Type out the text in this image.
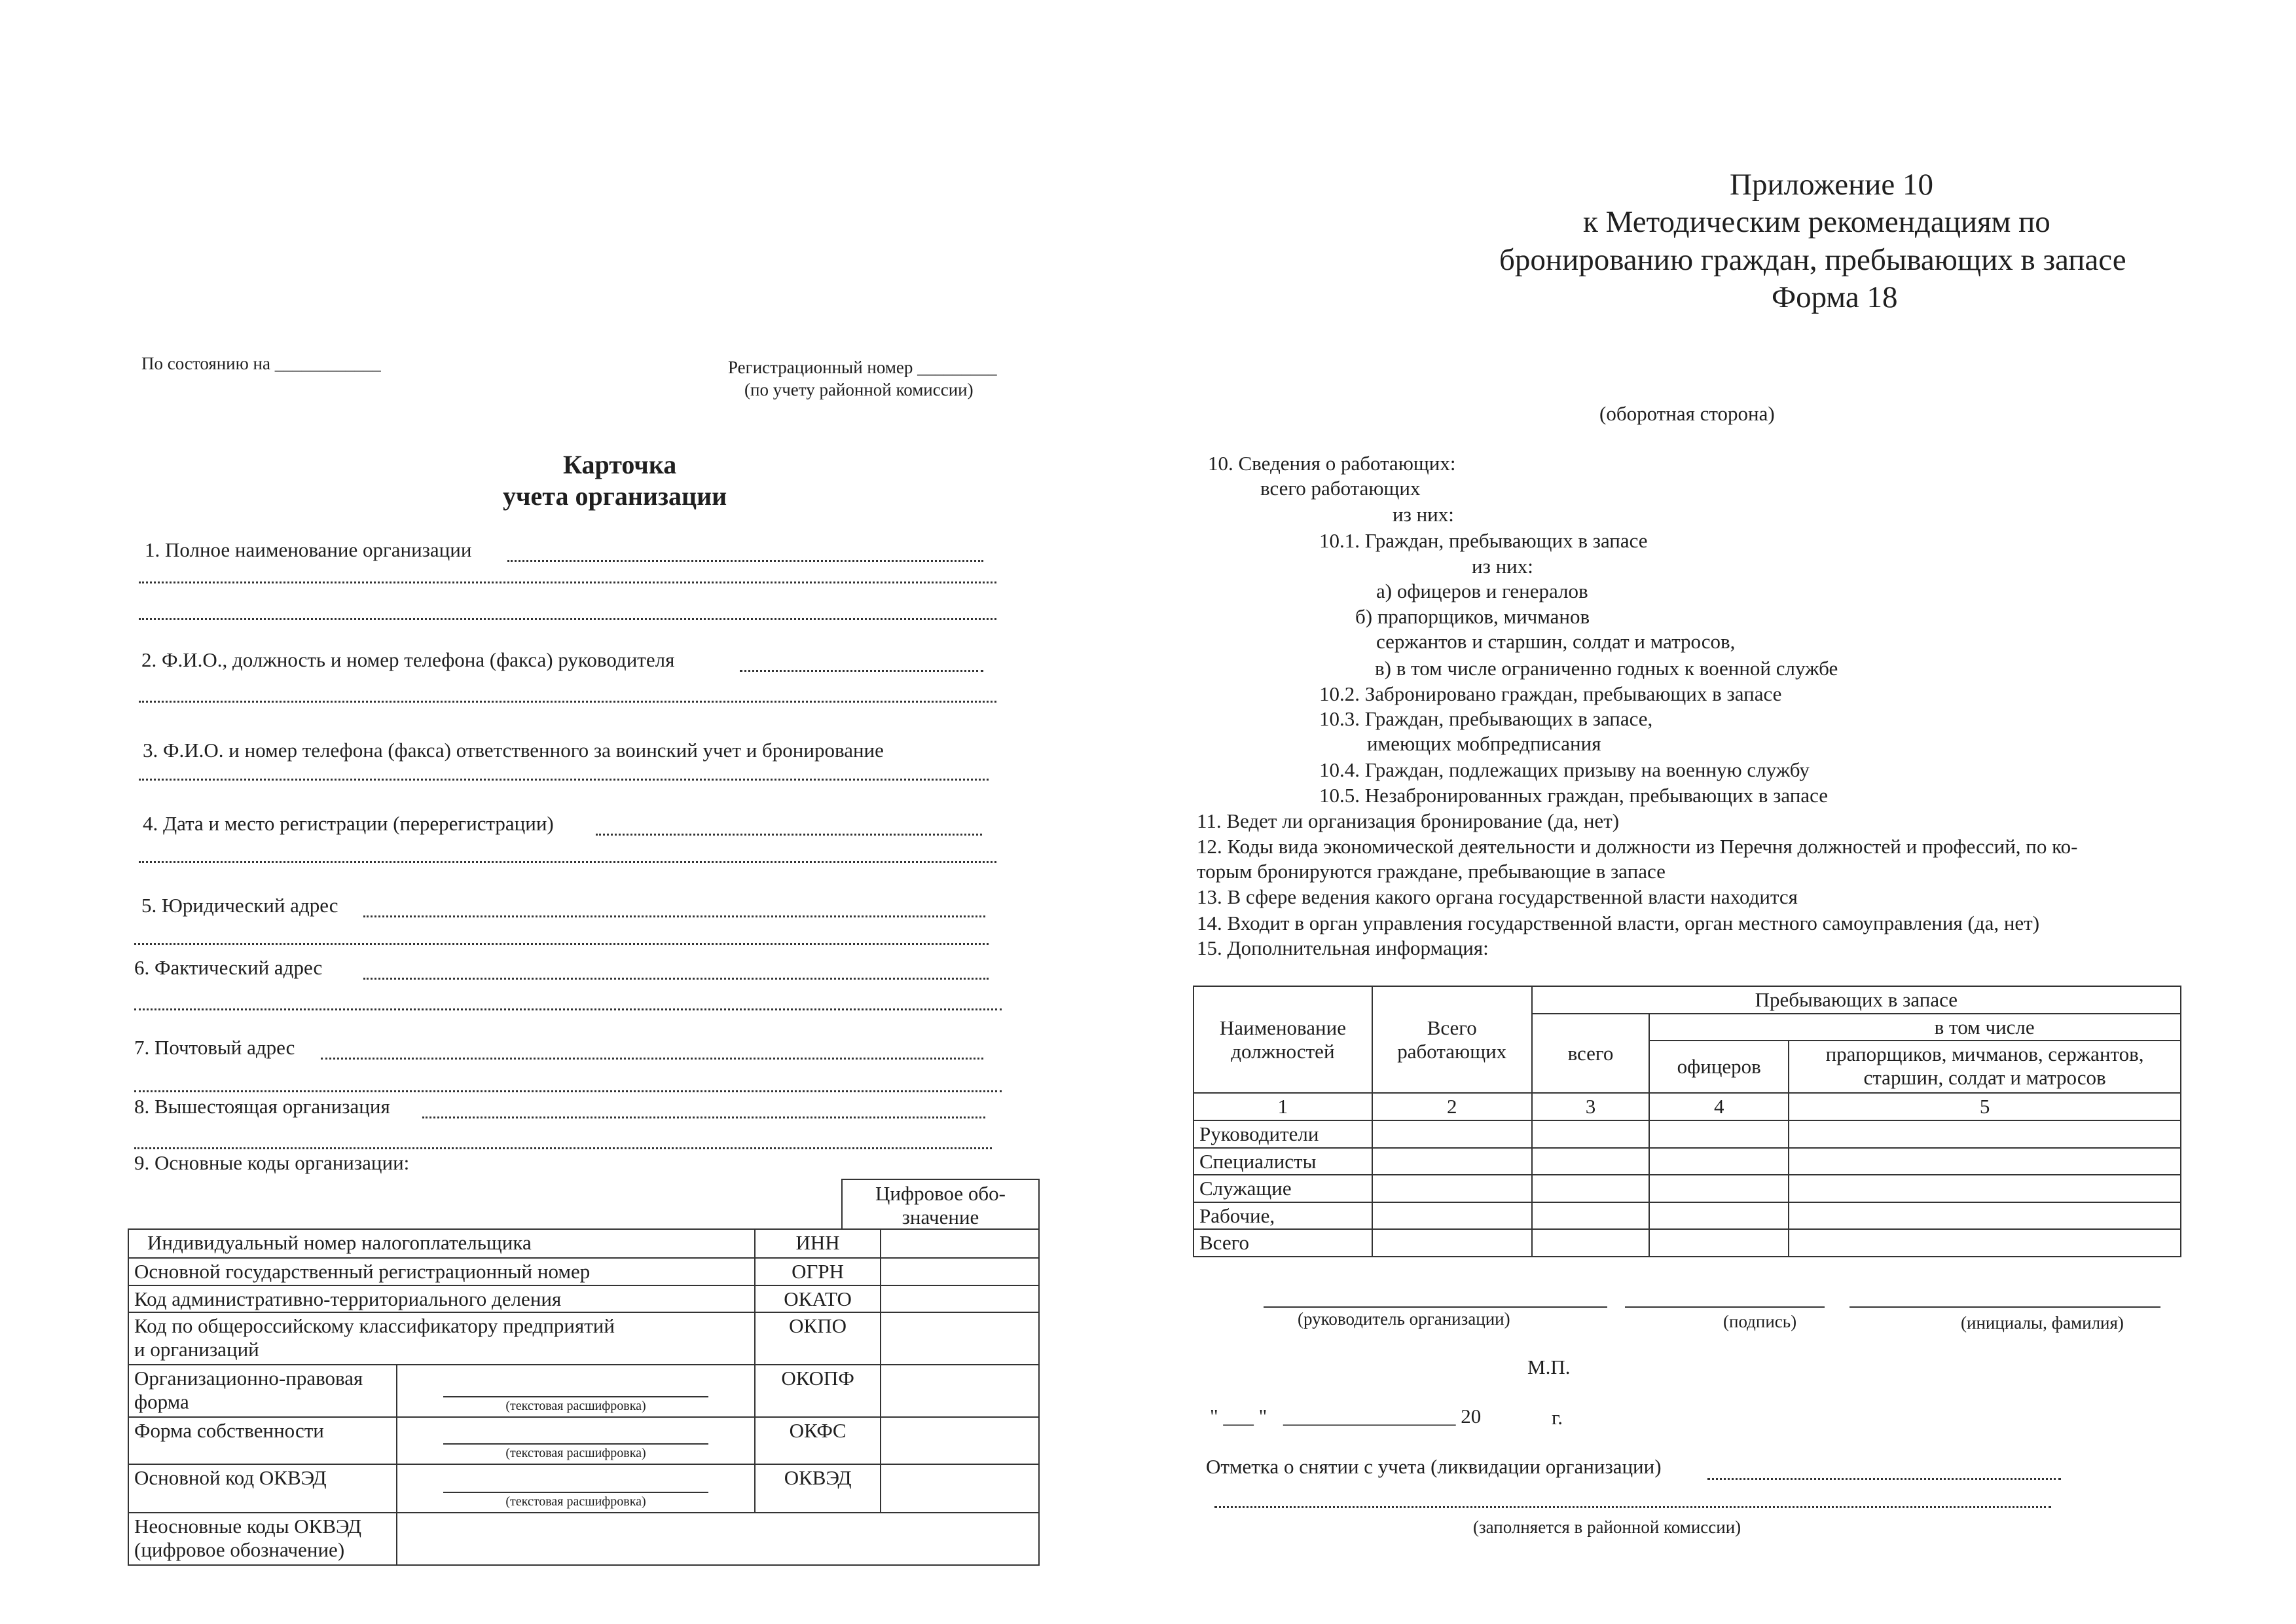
По состоянию на ____________	Регистрационный номер _________
(по учету районной комиссии)
Карточка
учета организации
1. Полное наименование организации
2. Ф.И.О., должность и номер телефона (факса) руководителя
3. Ф.И.О. и номер телефона (факса) ответственного за воинский учет и бронирование
4. Дата и место регистрации (перерегистрации)
5. Юридический адрес
6. Фактический адрес
7. Почтовый адрес
8. Вышестоящая организация
9. Основные коды организации:
Цифровое обо-значение
Индивидуальный номер налогоплательщика		ИНН	
Основной государственный регистрационный номер		ОГРН	
Код административно-территориального деления		ОКАТО	
Код по общероссийскому классификатору предприятий и организаций		ОКПО	
Организационно-правовая форма	(текстовая расшифровка)	ОКОПФ	
Форма собственности	(текстовая расшифровка)	ОКФС	
Основной код ОКВЭД	(текстовая расшифровка)	ОКВЭД	
Неосновные коды ОКВЭД (цифровое обозначение)			
Приложение 10
к Методическим рекомендациям по
бронированию граждан, пребывающих в запасе
Форма 18
(оборотная сторона)
10. Сведения о работающих:
всего работающих
из них:
10.1. Граждан, пребывающих в запасе
из них:
а) офицеров и генералов
б) прапорщиков, мичманов
сержантов и старшин, солдат и матросов,
в) в том числе ограниченно годных к военной службе
10.2. Забронировано граждан, пребывающих в запасе
10.3. Граждан, пребывающих в запасе,
имеющих мобпредписания
10.4. Граждан, подлежащих призыву на военную службу
10.5. Незабронированных граждан, пребывающих в запасе
11. Ведет ли организация бронирование (да, нет)
12. Коды вида экономической деятельности и должности из Перечня должностей и профессий, по ко-
торым бронируются граждане, пребывающие в запасе
13. В сфере ведения какого органа государственной власти находится
14. Входит в орган управления государственной власти, орган местного самоуправления (да, нет)
15. Дополнительная информация:
Наименование должностей	Всего работающих	Пребывающих в запасе		
		всего	в том числе	
			офицеров	прапорщиков, мичманов, сержантов, старшин, солдат и матросов
1	2	3	4	5
Руководители				
Специалисты				
Служащие				
Рабочие,				
Всего				
(руководитель организации)	(подпись)	(инициалы, фамилия)
М.П.
" ___ " _________________ 20	г.
Отметка о снятии с учета (ликвидации организации)
(заполняется в районной комиссии)
